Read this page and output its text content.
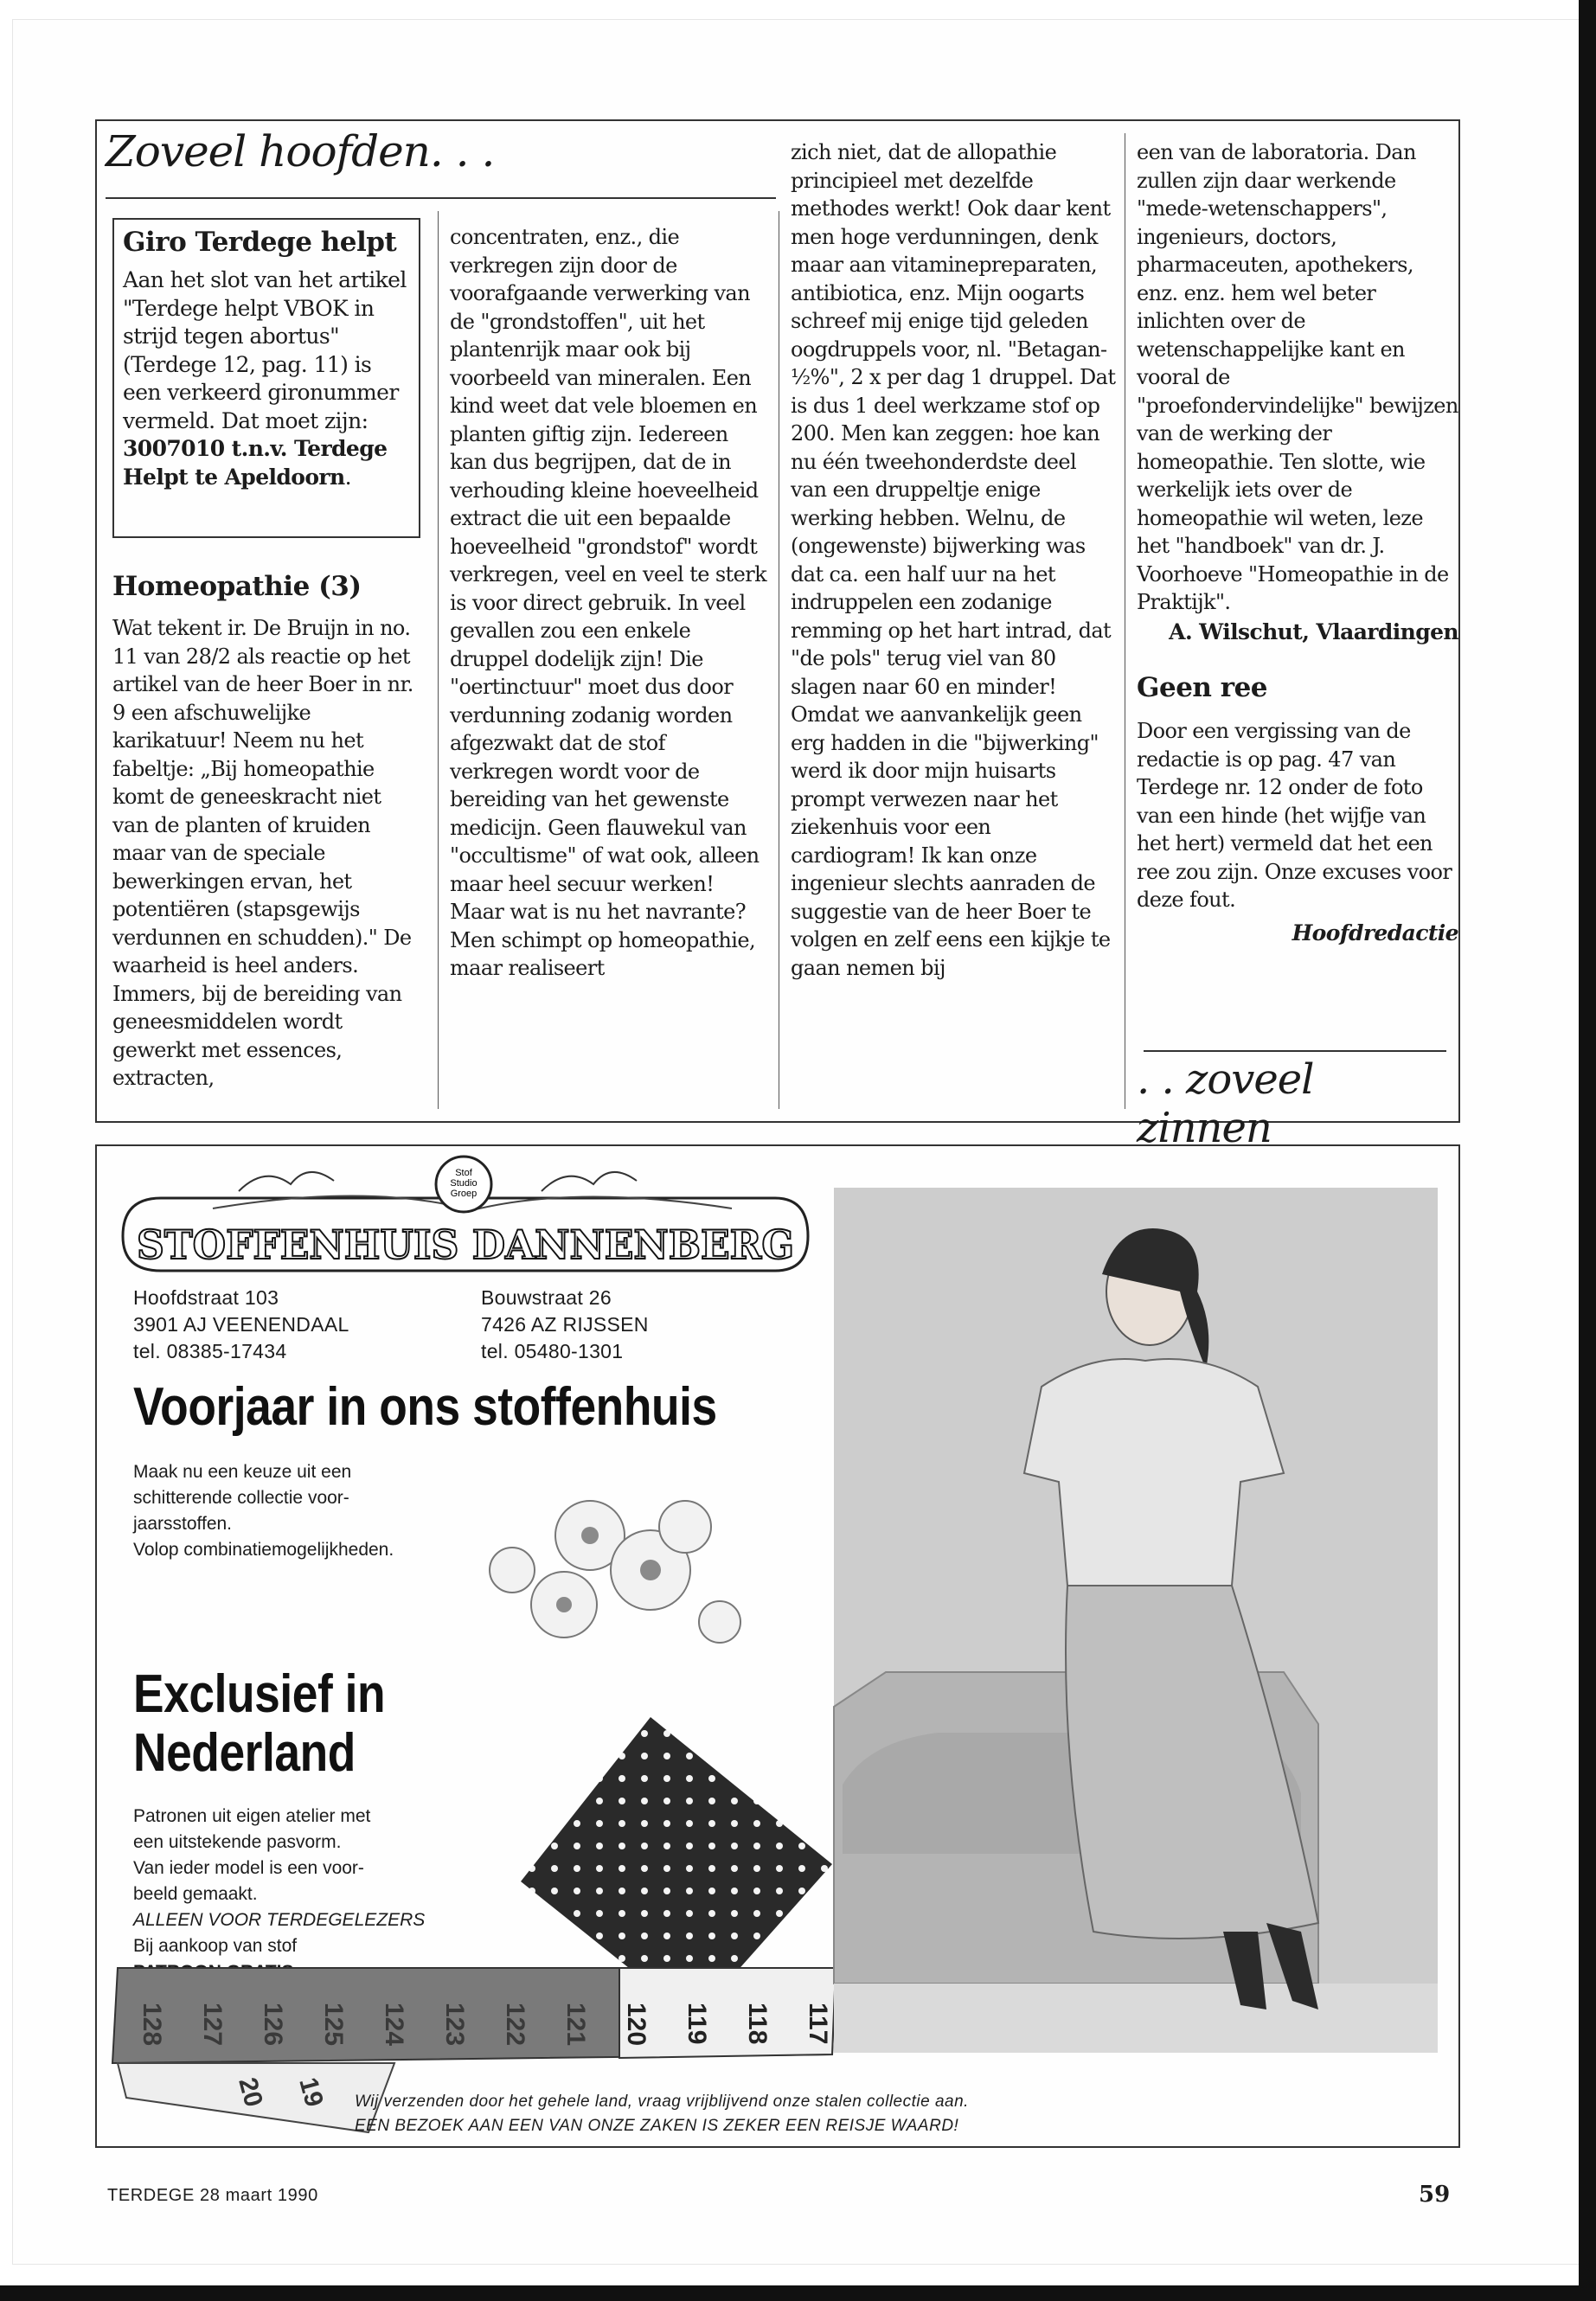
Zoveel hoofden. . .
Giro Terdege helpt

Aan het slot van het artikel "Terdege helpt VBOK in strijd tegen abortus" (Terdege 12, pag. 11) is een verkeerd gironummer vermeld. Dat moet zijn: 3007010 t.n.v. Terdege Helpt te Apeldoorn.

Homeopathie (3)

Wat tekent ir. De Bruijn in no. 11 van 28/2 als reactie op het artikel van de heer Boer in nr. 9 een afschuwelijke karikatuur! Neem nu het fabeltje: „Bij homeopathie komt de geneeskracht niet van de planten of kruiden maar van de speciale bewerkingen ervan, het potentiëren (stapsgewijs verdunnen en schudden)." De waarheid is heel anders. Immers, bij de bereiding van geneesmiddelen wordt gewerkt met essences, extracten,

concentraten, enz., die verkregen zijn door de voorafgaande verwerking van de "grondstoffen", uit het plantenrijk maar ook bij voorbeeld van mineralen. Een kind weet dat vele bloemen en planten giftig zijn. Iedereen kan dus begrijpen, dat de in verhouding kleine hoeveelheid extract die uit een bepaalde hoeveelheid "grondstof" wordt verkregen, veel en veel te sterk is voor direct gebruik. In veel gevallen zou een enkele druppel dodelijk zijn! Die "oertinctuur" moet dus door verdunning zodanig worden afgezwakt dat de stof verkregen wordt voor de bereiding van het gewenste medicijn. Geen flauwekul van "occultisme" of wat ook, alleen maar heel secuur werken! Maar wat is nu het navrante? Men schimpt op homeopathie, maar realiseert

zich niet, dat de allopathie principieel met dezelfde methodes werkt! Ook daar kent men hoge verdunningen, denk maar aan vitaminepreparaten, antibiotica, enz. Mijn oogarts schreef mij enige tijd geleden oogdruppels voor, nl. "Betagan-½%", 2 x per dag 1 druppel. Dat is dus 1 deel werkzame stof op 200. Men kan zeggen: hoe kan nu één tweehonderdste deel van een druppeltje enige werking hebben. Welnu, de (ongewenste) bijwerking was dat ca. een half uur na het indruppelen een zodanige remming op het hart intrad, dat "de pols" terug viel van 80 slagen naar 60 en minder! Omdat we aanvankelijk geen erg hadden in die "bijwerking" werd ik door mijn huisarts prompt verwezen naar het ziekenhuis voor een cardiogram! Ik kan onze ingenieur slechts aanraden de suggestie van de heer Boer te volgen en zelf eens een kijkje te gaan nemen bij

een van de laboratoria. Dan zullen zijn daar werkende "mede-wetenschappers", ingenieurs, doctors, pharmaceuten, apothekers, enz. enz. hem wel beter inlichten over de wetenschappelijke kant en vooral de "proefondervindelijke" bewijzen van de werking der homeopathie. Ten slotte, wie werkelijk iets over de homeopathie wil weten, leze het "handboek" van dr. J. Voorhoeve "Homeopathie in de Praktijk".

A. Wilschut, Vlaardingen

Geen ree

Door een vergissing van de redactie is op pag. 47 van Terdege nr. 12 onder de foto van een hinde (het wijfje van het hert) vermeld dat het een ree zou zijn. Onze excuses voor deze fout.

Hoofdredactie

. . zoveel zinnen
Stof
Studio
Groep
STOFFENHUIS DANNENBERG
Hoofdstraat 103
3901 AJ VEENENDAAL
tel. 08385-17434
Bouwstraat 26
7426 AZ RIJSSEN
tel. 05480-1301
Voorjaar in ons stoffenhuis
Maak nu een keuze uit een
schitterende collectie voor-
jaarsstoffen.
Volop combinatiemogelijkheden.
Exclusief in
Nederland
Patronen uit eigen atelier met
een uitstekende pasvorm.
Van ieder model is een voor-
beeld gemaakt.
ALLEEN VOOR TERDEGELEZERS
Bij aankoop van stof
128 127 126 125 124 123 122 121 120 119 118 117
20 19 Wij verzenden door het gehele land, vraag vrijblijvend onze stalen collectie aan.
EEN BEZOEK AAN EEN VAN ONZE ZAKEN IS ZEKER EEN REISJE WAARD!
TERDEGE 28 maart 1990	59
